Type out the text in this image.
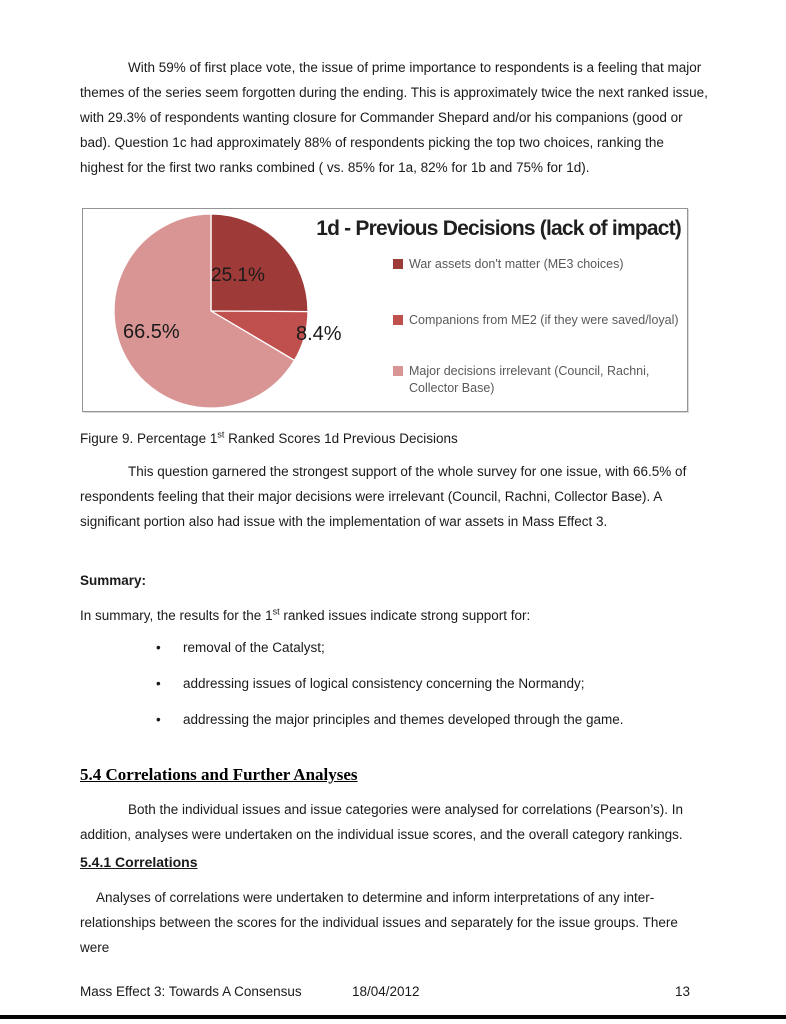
With 59% of first place vote, the issue of prime importance to respondents is a feeling that major themes of the series seem forgotten during the ending. This is approximately twice the next ranked issue, with 29.3% of respondents wanting closure for Commander Shepard and/or his companions (good or bad). Question 1c had approximately 88% of respondents picking the top two choices, ranking the highest for the first two ranks combined ( vs. 85% for 1a, 82% for 1b and 75% for 1d).

1d - Previous Decisions (lack of impact)
25.1%
8.4%
66.5%
War assets don't matter (ME3 choices)
Companions from ME2 (if they were saved/loyal)
Major decisions irrelevant (Council, Rachni, Collector Base)

Figure 9. Percentage 1st Ranked Scores 1d Previous Decisions

This question garnered the strongest support of the whole survey for one issue, with 66.5% of respondents feeling that their major decisions were irrelevant (Council, Rachni, Collector Base). A significant portion also had issue with the implementation of war assets in Mass Effect 3.

Summary:

In summary, the results for the 1st ranked issues indicate strong support for:

• removal of the Catalyst;
• addressing issues of logical consistency concerning the Normandy;
• addressing the major principles and themes developed through the game.
5.4 Correlations and Further Analyses

Both the individual issues and issue categories were analysed for correlations (Pearson’s). In addition, analyses were undertaken on the individual issue scores, and the overall category rankings.

5.4.1 Correlations

Analyses of correlations were undertaken to determine and inform interpretations of any inter-relationships between the scores for the individual issues and separately for the issue groups. There were

Mass Effect 3: Towards A Consensus	18/04/2012	13
